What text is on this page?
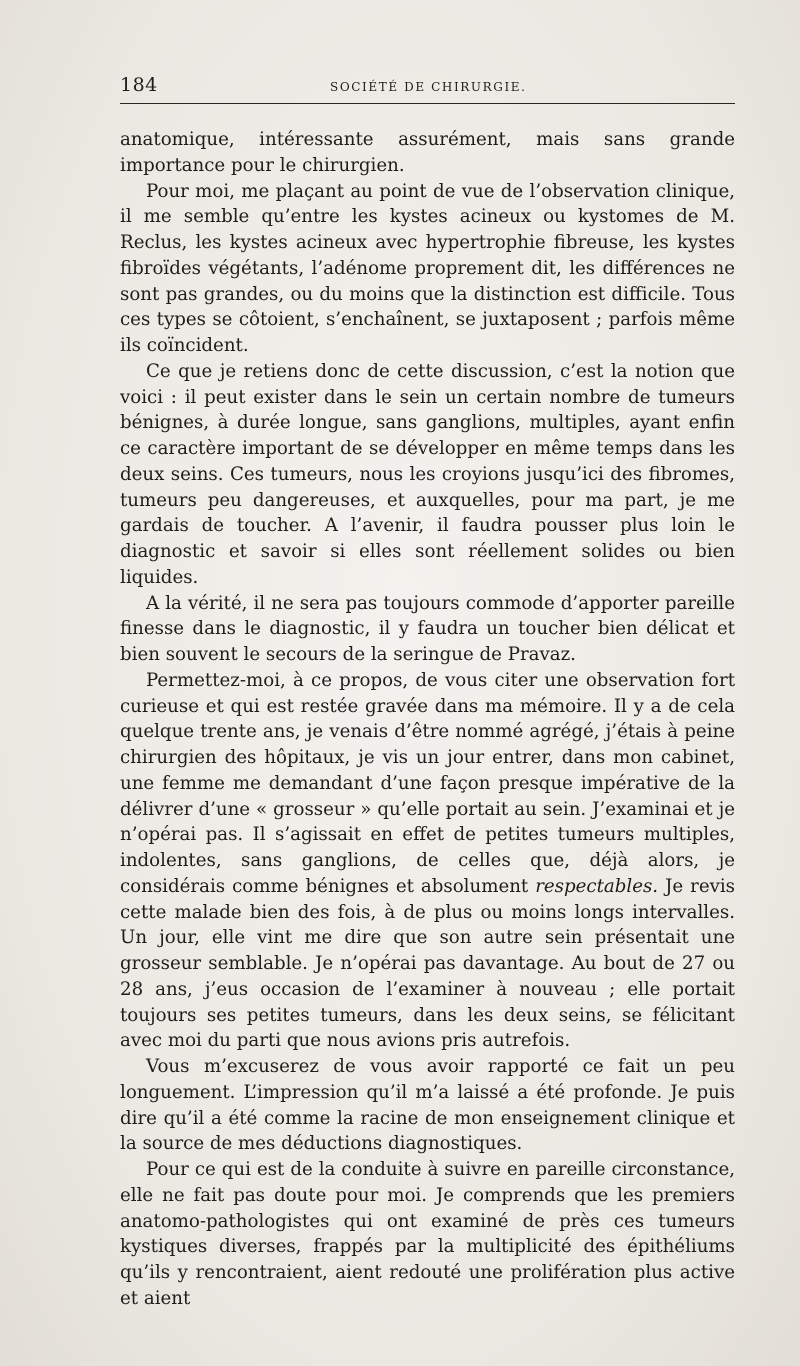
184	SOCIÉTÉ DE CHIRURGIE.

anatomique, intéressante assurément, mais sans grande importance pour le chirurgien.

Pour moi, me plaçant au point de vue de l’observation clinique, il me semble qu’entre les kystes acineux ou kystomes de M. Reclus, les kystes acineux avec hypertrophie fibreuse, les kystes fibroïdes végétants, l’adénome proprement dit, les différences ne sont pas grandes, ou du moins que la distinction est difficile. Tous ces types se côtoient, s’enchaînent, se juxtaposent ; parfois même ils coïncident.

Ce que je retiens donc de cette discussion, c’est la notion que voici : il peut exister dans le sein un certain nombre de tumeurs bénignes, à durée longue, sans ganglions, multiples, ayant enfin ce caractère important de se développer en même temps dans les deux seins. Ces tumeurs, nous les croyions jusqu’ici des fibromes, tumeurs peu dangereuses, et auxquelles, pour ma part, je me gardais de toucher. A l’avenir, il faudra pousser plus loin le diagnostic et savoir si elles sont réellement solides ou bien liquides.

A la vérité, il ne sera pas toujours commode d’apporter pareille finesse dans le diagnostic, il y faudra un toucher bien délicat et bien souvent le secours de la seringue de Pravaz.

Permettez-moi, à ce propos, de vous citer une observation fort curieuse et qui est restée gravée dans ma mémoire. Il y a de cela quelque trente ans, je venais d’être nommé agrégé, j’étais à peine chirurgien des hôpitaux, je vis un jour entrer, dans mon cabinet, une femme me demandant d’une façon presque impérative de la délivrer d’une « grosseur » qu’elle portait au sein. J’examinai et je n’opérai pas. Il s’agissait en effet de petites tumeurs multiples, indolentes, sans ganglions, de celles que, déjà alors, je considérais comme bénignes et absolument respectables. Je revis cette malade bien des fois, à de plus ou moins longs intervalles. Un jour, elle vint me dire que son autre sein présentait une grosseur semblable. Je n’opérai pas davantage. Au bout de 27 ou 28 ans, j’eus occasion de l’examiner à nouveau ; elle portait toujours ses petites tumeurs, dans les deux seins, se félicitant avec moi du parti que nous avions pris autrefois.

Vous m’excuserez de vous avoir rapporté ce fait un peu longuement. L’impression qu’il m’a laissé a été profonde. Je puis dire qu’il a été comme la racine de mon enseignement clinique et la source de mes déductions diagnostiques.

Pour ce qui est de la conduite à suivre en pareille circonstance, elle ne fait pas doute pour moi. Je comprends que les premiers anatomo-pathologistes qui ont examiné de près ces tumeurs kystiques diverses, frappés par la multiplicité des épithéliums qu’ils y rencontraient, aient redouté une prolifération plus active et aient
